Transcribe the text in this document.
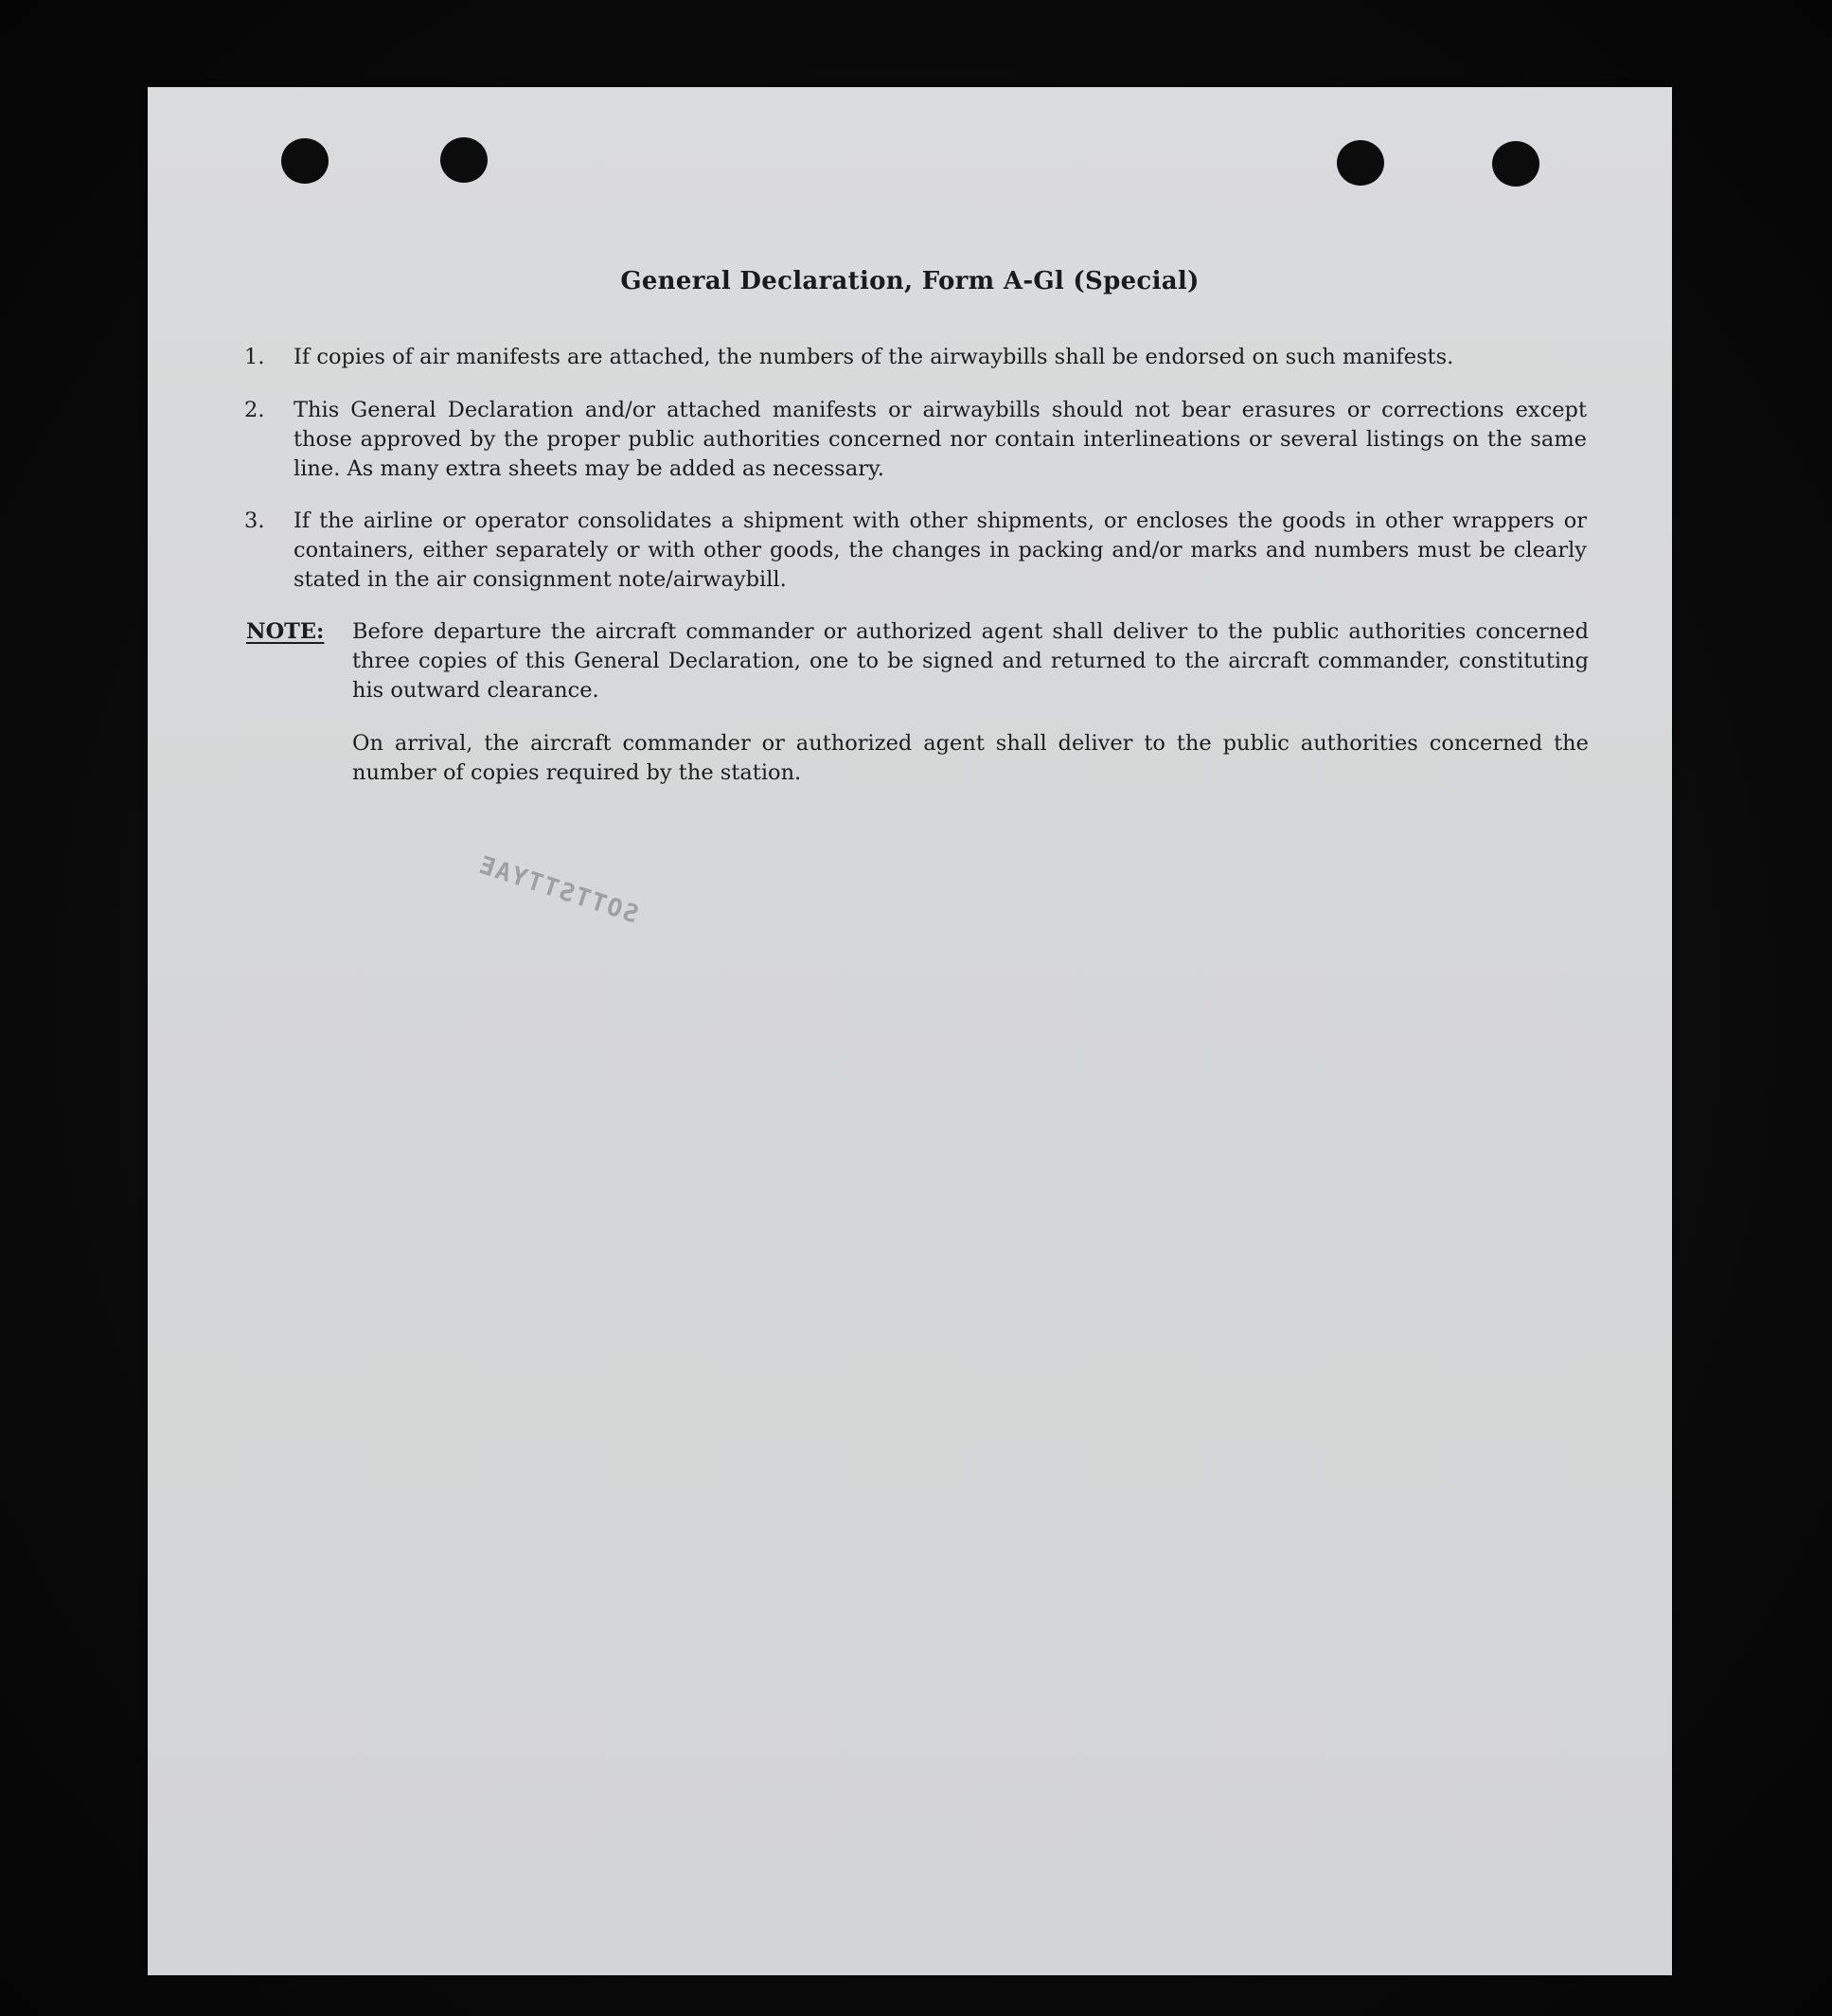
General Declaration, Form A-Gl (Special)
1.	If copies of air manifests are attached, the numbers of the airwaybills shall be endorsed on such manifests.
2.	This General Declaration and/or attached manifests or airwaybills should not bear erasures or corrections except those approved by the proper public authorities concerned nor contain interlineations or several listings on the same line. As many extra sheets may be added as necessary.
3.	If the airline or operator consolidates a shipment with other shipments, or encloses the goods in other wrappers or containers, either separately or with other goods, the changes in packing and/or marks and numbers must be clearly stated in the air consignment note/airwaybill.
NOTE: Before departure the aircraft commander or authorized agent shall deliver to the public authorities concerned three copies of this General Declaration, one to be signed and returned to the aircraft commander, constituting his outward clearance.
On arrival, the aircraft commander or authorized agent shall deliver to the public authorities concerned the number of copies required by the station.
SOTTSTTYAE
